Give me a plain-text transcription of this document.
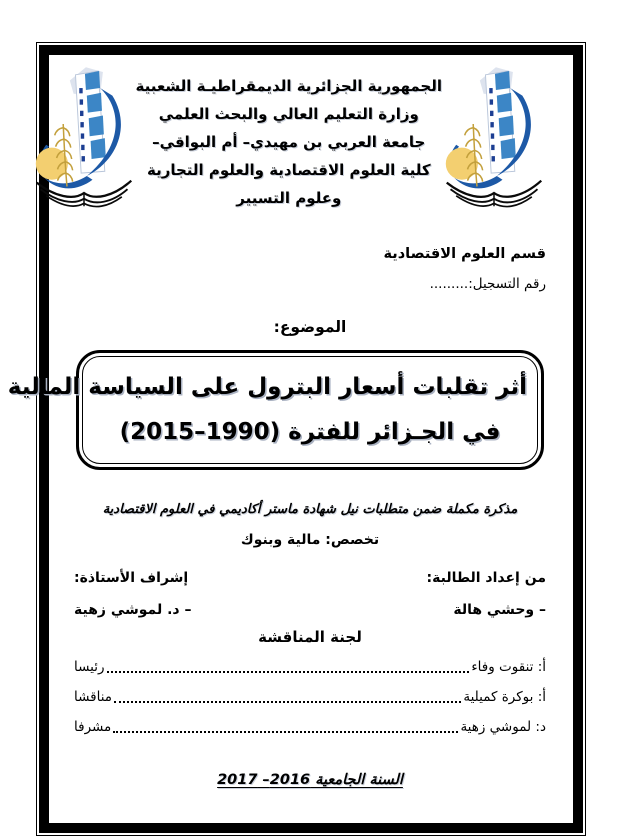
الجمهورية الجزائرية الديمقراطيـة الشعبية
وزارة التعليم العالي والبحث العلمي
جامعة العربي بن مهيدي– أم البواقي–
كلية العلوم الاقتصادية والعلوم التجارية
وعلوم التسيير
قسم العلوم الاقتصادية
رقم التسجيل:.........
الموضوع:
أثر تقلبات أسعار البترول على السياسة المالية
في الجـزائر للفترة (1990–2015)
مذكرة مكملة ضمن متطلبات نيل شهادة ماستر أكاديمي في العلوم الاقتصادية
تخصص: مالية وبنوك
من إعداد الطالبة:
– وحشي هالة
إشراف الأستاذة:
– د. لموشي زهية
لجنة المناقشة
أ: تنقوت وفاء
رئيسا
أ: بوكرة كميلية
مناقشا
د: لموشي زهية
مشرفا
السنة الجامعية 2016– 2017
